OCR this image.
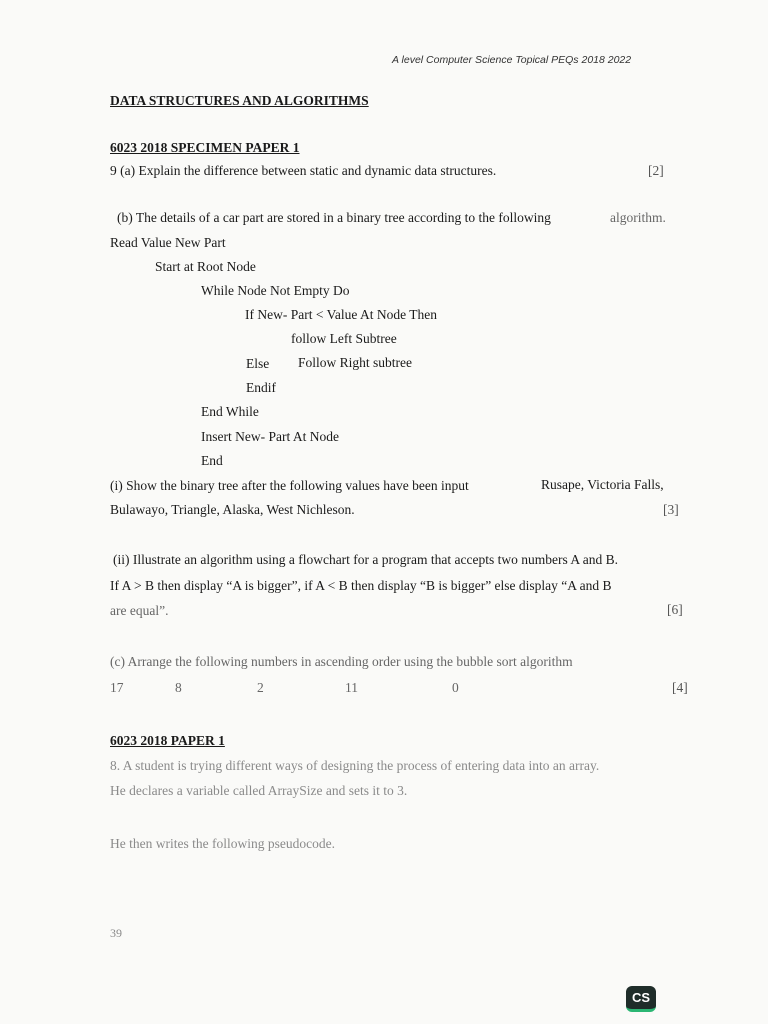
A level Computer Science Topical PEQs 2018 2022
DATA STRUCTURES AND ALGORITHMS
6023 2018 SPECIMEN PAPER 1
9 (a) Explain the difference between static and dynamic data structures.	[2]
(b) The details of a car part are stored in a binary tree according to the following	algorithm.
Read Value New Part
Start at Root Node
While Node Not Empty Do
If New- Part < Value At Node Then
follow Left Subtree
Else Follow Right subtree
Endif
End While
Insert New- Part At Node
End
(i) Show the binary tree after the following values have been input	Rusape, Victoria Falls,
Bulawayo, Triangle, Alaska, West Nichleson.	[3]
(ii) Illustrate an algorithm using a flowchart for a program that accepts two numbers A and B.
If A > B then display “A is bigger”, if A < B then display “B is bigger” else display “A and B
are equal”.	[6]
(c) Arrange the following numbers in ascending order using the bubble sort algorithm
17	8	2	11	0	[4]
6023 2018 PAPER 1
8. A student is trying different ways of designing the process of entering data into an array.
He declares a variable called ArraySize and sets it to 3.
He then writes the following pseudocode.
39
CS
